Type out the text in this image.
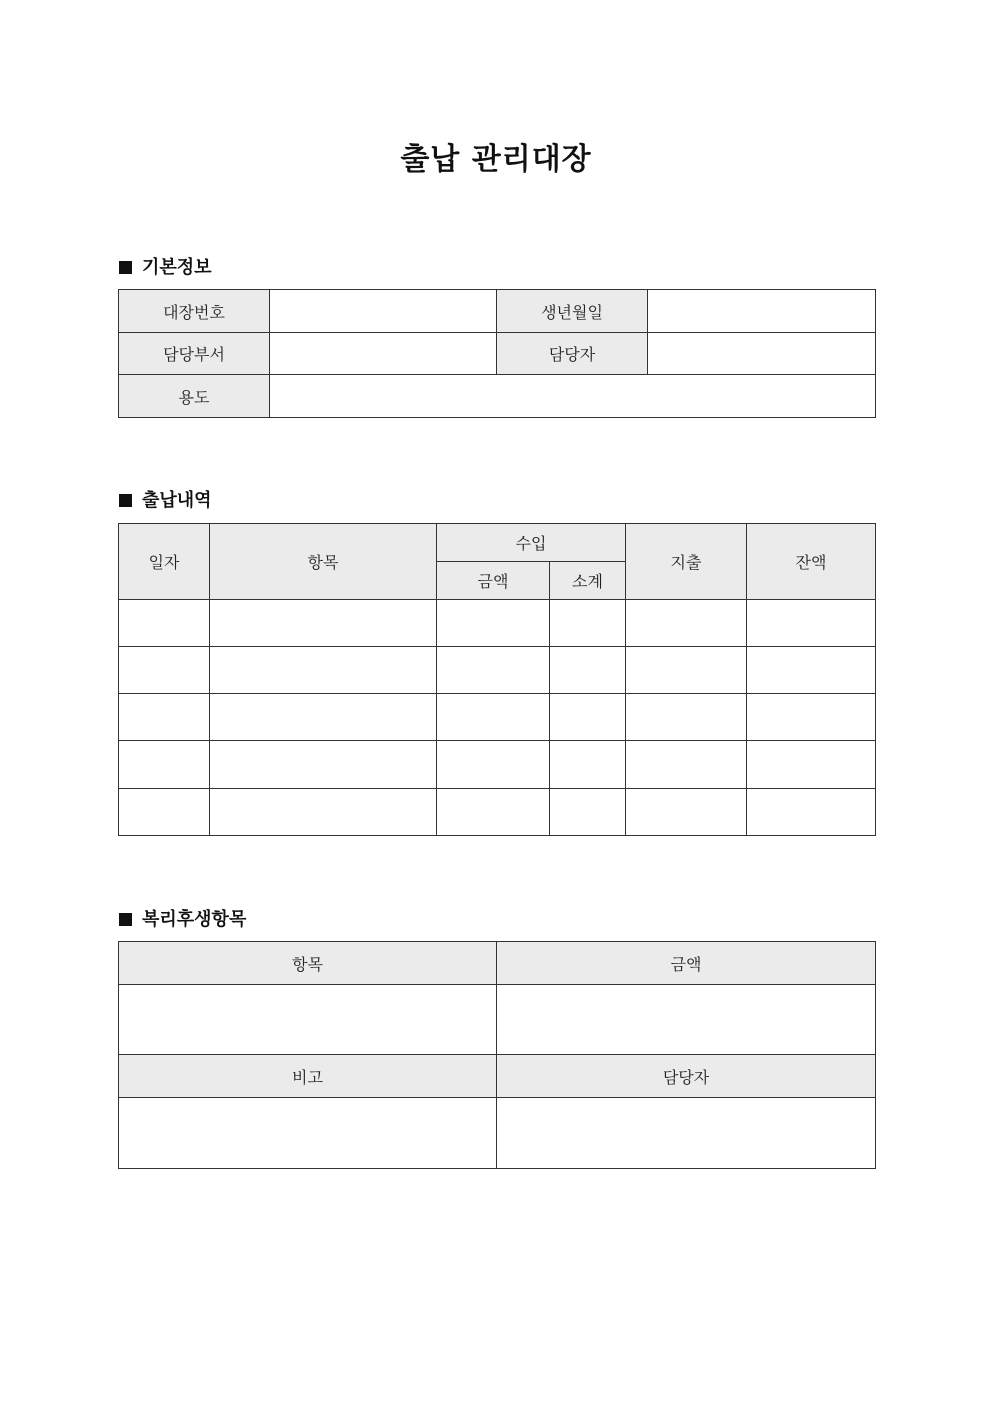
출납 관리대장
기본정보
대장번호		생년월일	
담당부서		담당자	
용도			
출납내역
일자	항목	수입		지출	잔액
		금액	소계		

복리후생항목
항목	금액

비고	담당자
